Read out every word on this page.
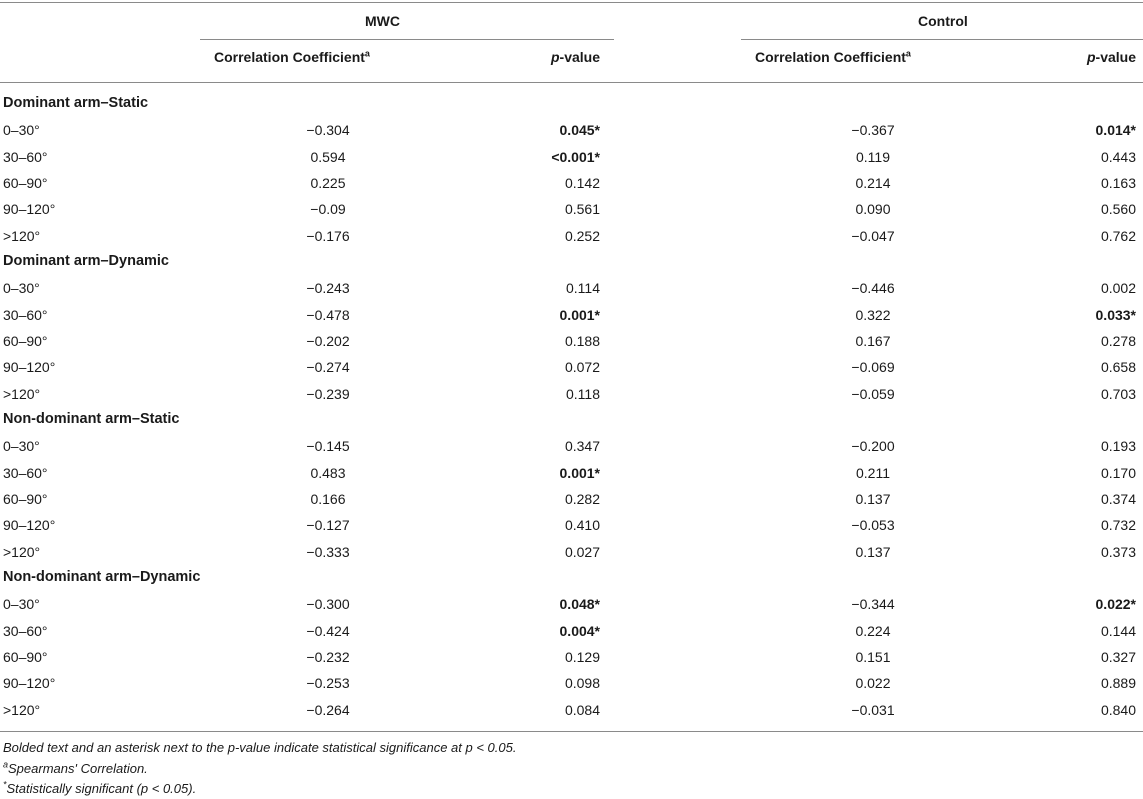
MWC	Control
Correlation Coefficient$^a$	p-value	Correlation Coefficient$^a$	p-value
Dominant arm–Static
0–30°	−0.304	0.045*	−0.367	0.014*
30–60°	0.594	<0.001*	0.119	0.443
60–90°	0.225	0.142	0.214	0.163
90–120°	−0.09	0.561	0.090	0.560
>120°	−0.176	0.252	−0.047	0.762
Dominant arm–Dynamic
0–30°	−0.243	0.114	−0.446	0.002
30–60°	−0.478	0.001*	0.322	0.033*
60–90°	−0.202	0.188	0.167	0.278
90–120°	−0.274	0.072	−0.069	0.658
>120°	−0.239	0.118	−0.059	0.703
Non-dominant arm–Static
0–30°	−0.145	0.347	−0.200	0.193
30–60°	0.483	0.001*	0.211	0.170
60–90°	0.166	0.282	0.137	0.374
90–120°	−0.127	0.410	−0.053	0.732
>120°	−0.333	0.027	0.137	0.373
Non-dominant arm–Dynamic
0–30°	−0.300	0.048*	−0.344	0.022*
30–60°	−0.424	0.004*	0.224	0.144
60–90°	−0.232	0.129	0.151	0.327
90–120°	−0.253	0.098	0.022	0.889
>120°	−0.264	0.084	−0.031	0.840
Bolded text and an asterisk next to the p-value indicate statistical significance at p < 0.05.
$^a$Spearmans' Correlation.
*Statistically significant (p < 0.05).
